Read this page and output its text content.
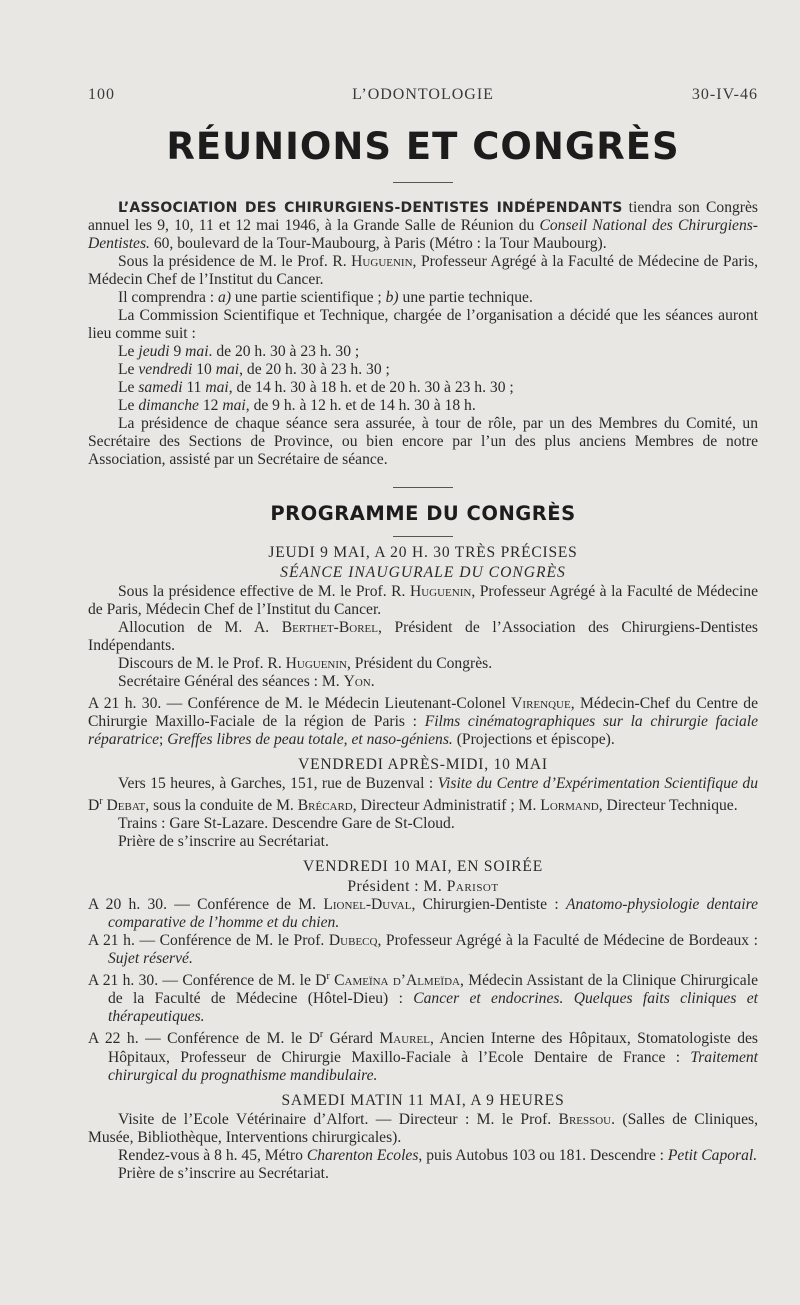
100	L’ODONTOLOGIE	30-IV-46
RÉUNIONS ET CONGRÈS

L’ASSOCIATION DES CHIRURGIENS-DENTISTES INDÉPENDANTS tiendra son Congrès annuel les 9, 10, 11 et 12 mai 1946, à la Grande Salle de Réunion du Conseil National des Chirurgiens-Dentistes. 60, boulevard de la Tour-Maubourg, à Paris (Métro : la Tour Maubourg).

Sous la présidence de M. le Prof. R. Huguenin, Professeur Agrégé à la Faculté de Médecine de Paris, Médecin Chef de l’Institut du Cancer.

Il comprendra : a) une partie scientifique ; b) une partie technique.

La Commission Scientifique et Technique, chargée de l’organisation a décidé que les séances auront lieu comme suit :

Le jeudi 9 mai. de 20 h. 30 à 23 h. 30 ;

Le vendredi 10 mai, de 20 h. 30 à 23 h. 30 ;

Le samedi 11 mai, de 14 h. 30 à 18 h. et de 20 h. 30 à 23 h. 30 ;

Le dimanche 12 mai, de 9 h. à 12 h. et de 14 h. 30 à 18 h.

La présidence de chaque séance sera assurée, à tour de rôle, par un des Membres du Comité, un Secrétaire des Sections de Province, ou bien encore par l’un des plus anciens Membres de notre Association, assisté par un Secrétaire de séance.

PROGRAMME DU CONGRÈS
JEUDI 9 MAI, A 20 H. 30 TRÈS PRÉCISES
SÉANCE INAUGURALE DU CONGRÈS

Sous la présidence effective de M. le Prof. R. Huguenin, Professeur Agrégé à la Faculté de Médecine de Paris, Médecin Chef de l’Institut du Cancer.

Allocution de M. A. Berthet-Borel, Président de l’Association des Chirurgiens-Dentistes Indépendants.

Discours de M. le Prof. R. Huguenin, Président du Congrès.

Secrétaire Général des séances : M. Yon.

A 21 h. 30. — Conférence de M. le Médecin Lieutenant-Colonel Virenque, Médecin-Chef du Centre de Chirurgie Maxillo-Faciale de la région de Paris : Films cinématographiques sur la chirurgie faciale réparatrice; Greffes libres de peau totale, et naso-géniens. (Projections et épiscope).

VENDREDI APRÈS-MIDI, 10 MAI

Vers 15 heures, à Garches, 151, rue de Buzenval : Visite du Centre d’Expérimentation Scientifique du $D^r$ Debat, sous la conduite de M. Brécard, Directeur Administratif ; M. Lormand, Directeur Technique.

Trains : Gare St-Lazare. Descendre Gare de St-Cloud.

Prière de s’inscrire au Secrétariat.

VENDREDI 10 MAI, EN SOIRÉE
Président : M. Parisot

A 20 h. 30. — Conférence de M. Lionel-Duval, Chirurgien-Dentiste : Anatomo-physiologie dentaire comparative de l’homme et du chien.

A 21 h. — Conférence de M. le Prof. Dubecq, Professeur Agrégé à la Faculté de Médecine de Bordeaux : Sujet réservé.

A 21 h. 30. — Conférence de M. le $D^r$ Cameïna d’Almeïda, Médecin Assistant de la Clinique Chirurgicale de la Faculté de Médecine (Hôtel-Dieu) : Cancer et endocrines. Quelques faits cliniques et thérapeutiques.

A 22 h. — Conférence de M. le $D^r$ Gérard Maurel, Ancien Interne des Hôpitaux, Stomatologiste des Hôpitaux, Professeur de Chirurgie Maxillo-Faciale à l’Ecole Dentaire de France : Traitement chirurgical du prognathisme mandibulaire.

SAMEDI MATIN 11 MAI, A 9 HEURES

Visite de l’Ecole Vétérinaire d’Alfort. — Directeur : M. le Prof. Bressou. (Salles de Cliniques, Musée, Bibliothèque, Interventions chirurgicales).

Rendez-vous à 8 h. 45, Métro Charenton Ecoles, puis Autobus 103 ou 181. Descendre : Petit Caporal.

Prière de s’inscrire au Secrétariat.
